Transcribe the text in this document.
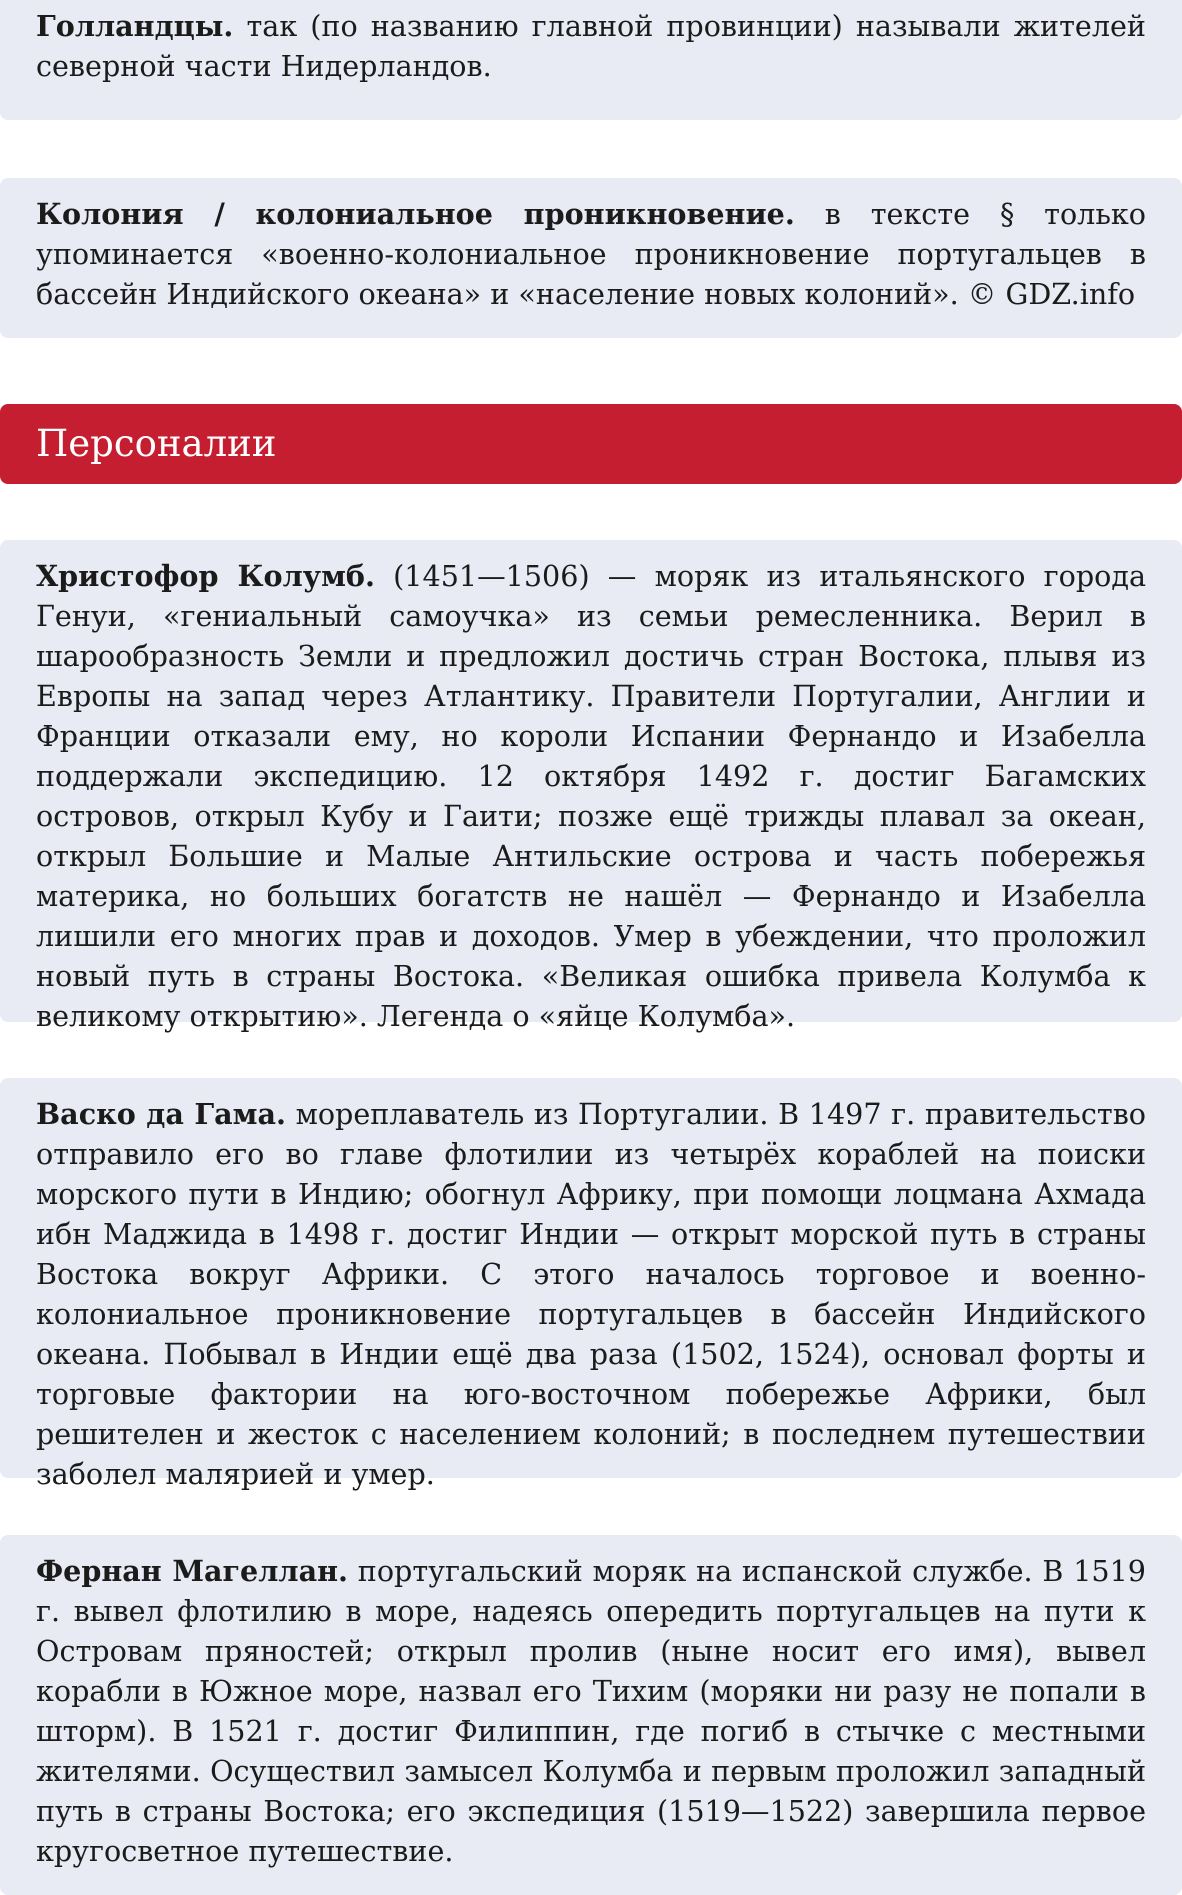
Голландцы. так (по названию главной провинции) называли жителей северной части Нидерландов.

Колония / колониальное проникновение. в тексте § только упоминается «военно-колониальное проникновение португальцев в бассейн Индийского океана» и «население новых колоний». © GDZ.info

Персоналии

Христофор Колумб. (1451—1506) — моряк из итальянского города Генуи, «гениальный самоучка» из семьи ремесленника. Верил в шарообразность Земли и предложил достичь стран Востока, плывя из Европы на запад через Атлантику. Правители Португалии, Англии и Франции отказали ему, но короли Испании Фернандо и Изабелла поддержали экспедицию. 12 октября 1492 г. достиг Багамских островов, открыл Кубу и Гаити; позже ещё трижды плавал за океан, открыл Большие и Малые Антильские острова и часть побережья материка, но больших богатств не нашёл — Фернандо и Изабелла лишили его многих прав и доходов. Умер в убеждении, что проложил новый путь в страны Востока. «Великая ошибка привела Колумба к великому открытию». Легенда о «яйце Колумба».

Васко да Гама. мореплаватель из Португалии. В 1497 г. правительство отправило его во главе флотилии из четырёх кораблей на поиски морского пути в Индию; обогнул Африку, при помощи лоцмана Ахмада ибн Маджида в 1498 г. достиг Индии — открыт морской путь в страны Востока вокруг Африки. С этого началось торговое и военно-колониальное проникновение португальцев в бассейн Индийского океана. Побывал в Индии ещё два раза (1502, 1524), основал форты и торговые фактории на юго-восточном побережье Африки, был решителен и жесток с населением колоний; в последнем путешествии заболел малярией и умер.

Фернан Магеллан. португальский моряк на испанской службе. В 1519 г. вывел флотилию в море, надеясь опередить португальцев на пути к Островам пряностей; открыл пролив (ныне носит его имя), вывел корабли в Южное море, назвал его Тихим (моряки ни разу не попали в шторм). В 1521 г. достиг Филиппин, где погиб в стычке с местными жителями. Осуществил замысел Колумба и первым проложил западный путь в страны Востока; его экспедиция (1519—1522) завершила первое кругосветное путешествие.
